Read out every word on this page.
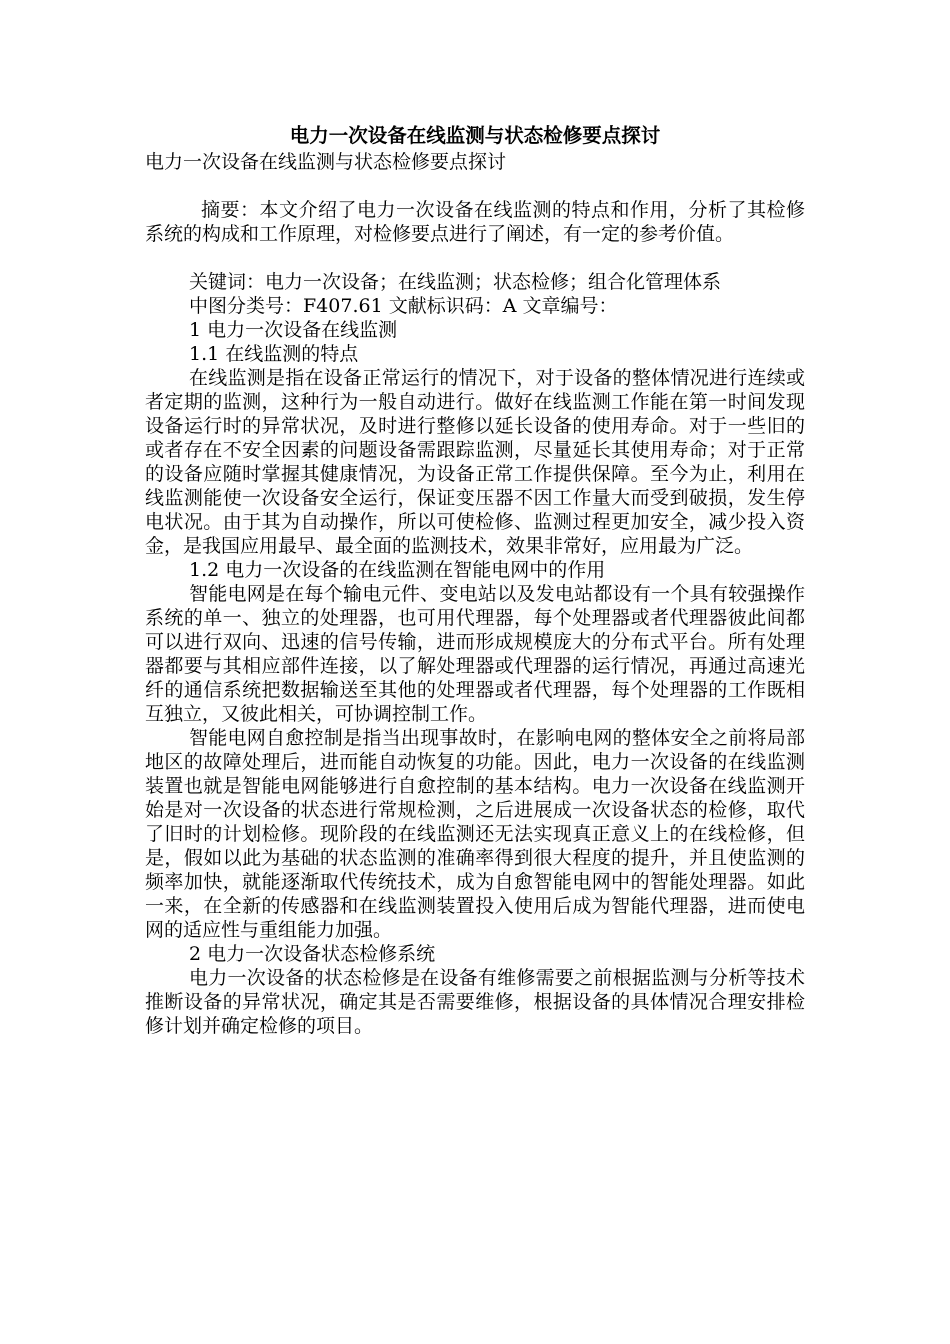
电力一次设备在线监测与状态检修要点探讨

电力一次设备在线监测与状态检修要点探讨

摘要：本文介绍了电力一次设备在线监测的特点和作用，分析了其检修系统的构成和工作原理，对检修要点进行了阐述，有一定的参考价值。

关键词：电力一次设备；在线监测；状态检修；组合化管理体系

中图分类号：F407.61 文献标识码：A 文章编号：

1 电力一次设备在线监测

1.1 在线监测的特点

在线监测是指在设备正常运行的情况下，对于设备的整体情况进行连续或者定期的监测，这种行为一般自动进行。做好在线监测工作能在第一时间发现设备运行时的异常状况，及时进行整修以延长设备的使用寿命。对于一些旧的或者存在不安全因素的问题设备需跟踪监测，尽量延长其使用寿命；对于正常的设备应随时掌握其健康情况，为设备正常工作提供保障。至今为止，利用在线监测能使一次设备安全运行，保证变压器不因工作量大而受到破损，发生停电状况。由于其为自动操作，所以可使检修、监测过程更加安全，减少投入资金，是我国应用最早、最全面的监测技术，效果非常好，应用最为广泛。

1.2 电力一次设备的在线监测在智能电网中的作用

智能电网是在每个输电元件、变电站以及发电站都设有一个具有较强操作系统的单一、独立的处理器，也可用代理器，每个处理器或者代理器彼此间都可以进行双向、迅速的信号传输，进而形成规模庞大的分布式平台。所有处理器都要与其相应部件连接，以了解处理器或代理器的运行情况，再通过高速光纤的通信系统把数据输送至其他的处理器或者代理器，每个处理器的工作既相互独立，又彼此相关，可协调控制工作。

智能电网自愈控制是指当出现事故时，在影响电网的整体安全之前将局部地区的故障处理后，进而能自动恢复的功能。因此，电力一次设备的在线监测装置也就是智能电网能够进行自愈控制的基本结构。电力一次设备在线监测开始是对一次设备的状态进行常规检测，之后进展成一次设备状态的检修，取代了旧时的计划检修。现阶段的在线监测还无法实现真正意义上的在线检修，但是，假如以此为基础的状态监测的准确率得到很大程度的提升，并且使监测的频率加快，就能逐渐取代传统技术，成为自愈智能电网中的智能处理器。如此一来，在全新的传感器和在线监测装置投入使用后成为智能代理器，进而使电网的适应性与重组能力加强。

2 电力一次设备状态检修系统

电力一次设备的状态检修是在设备有维修需要之前根据监测与分析等技术推断设备的异常状况，确定其是否需要维修，根据设备的具体情况合理安排检修计划并确定检修的项目。
